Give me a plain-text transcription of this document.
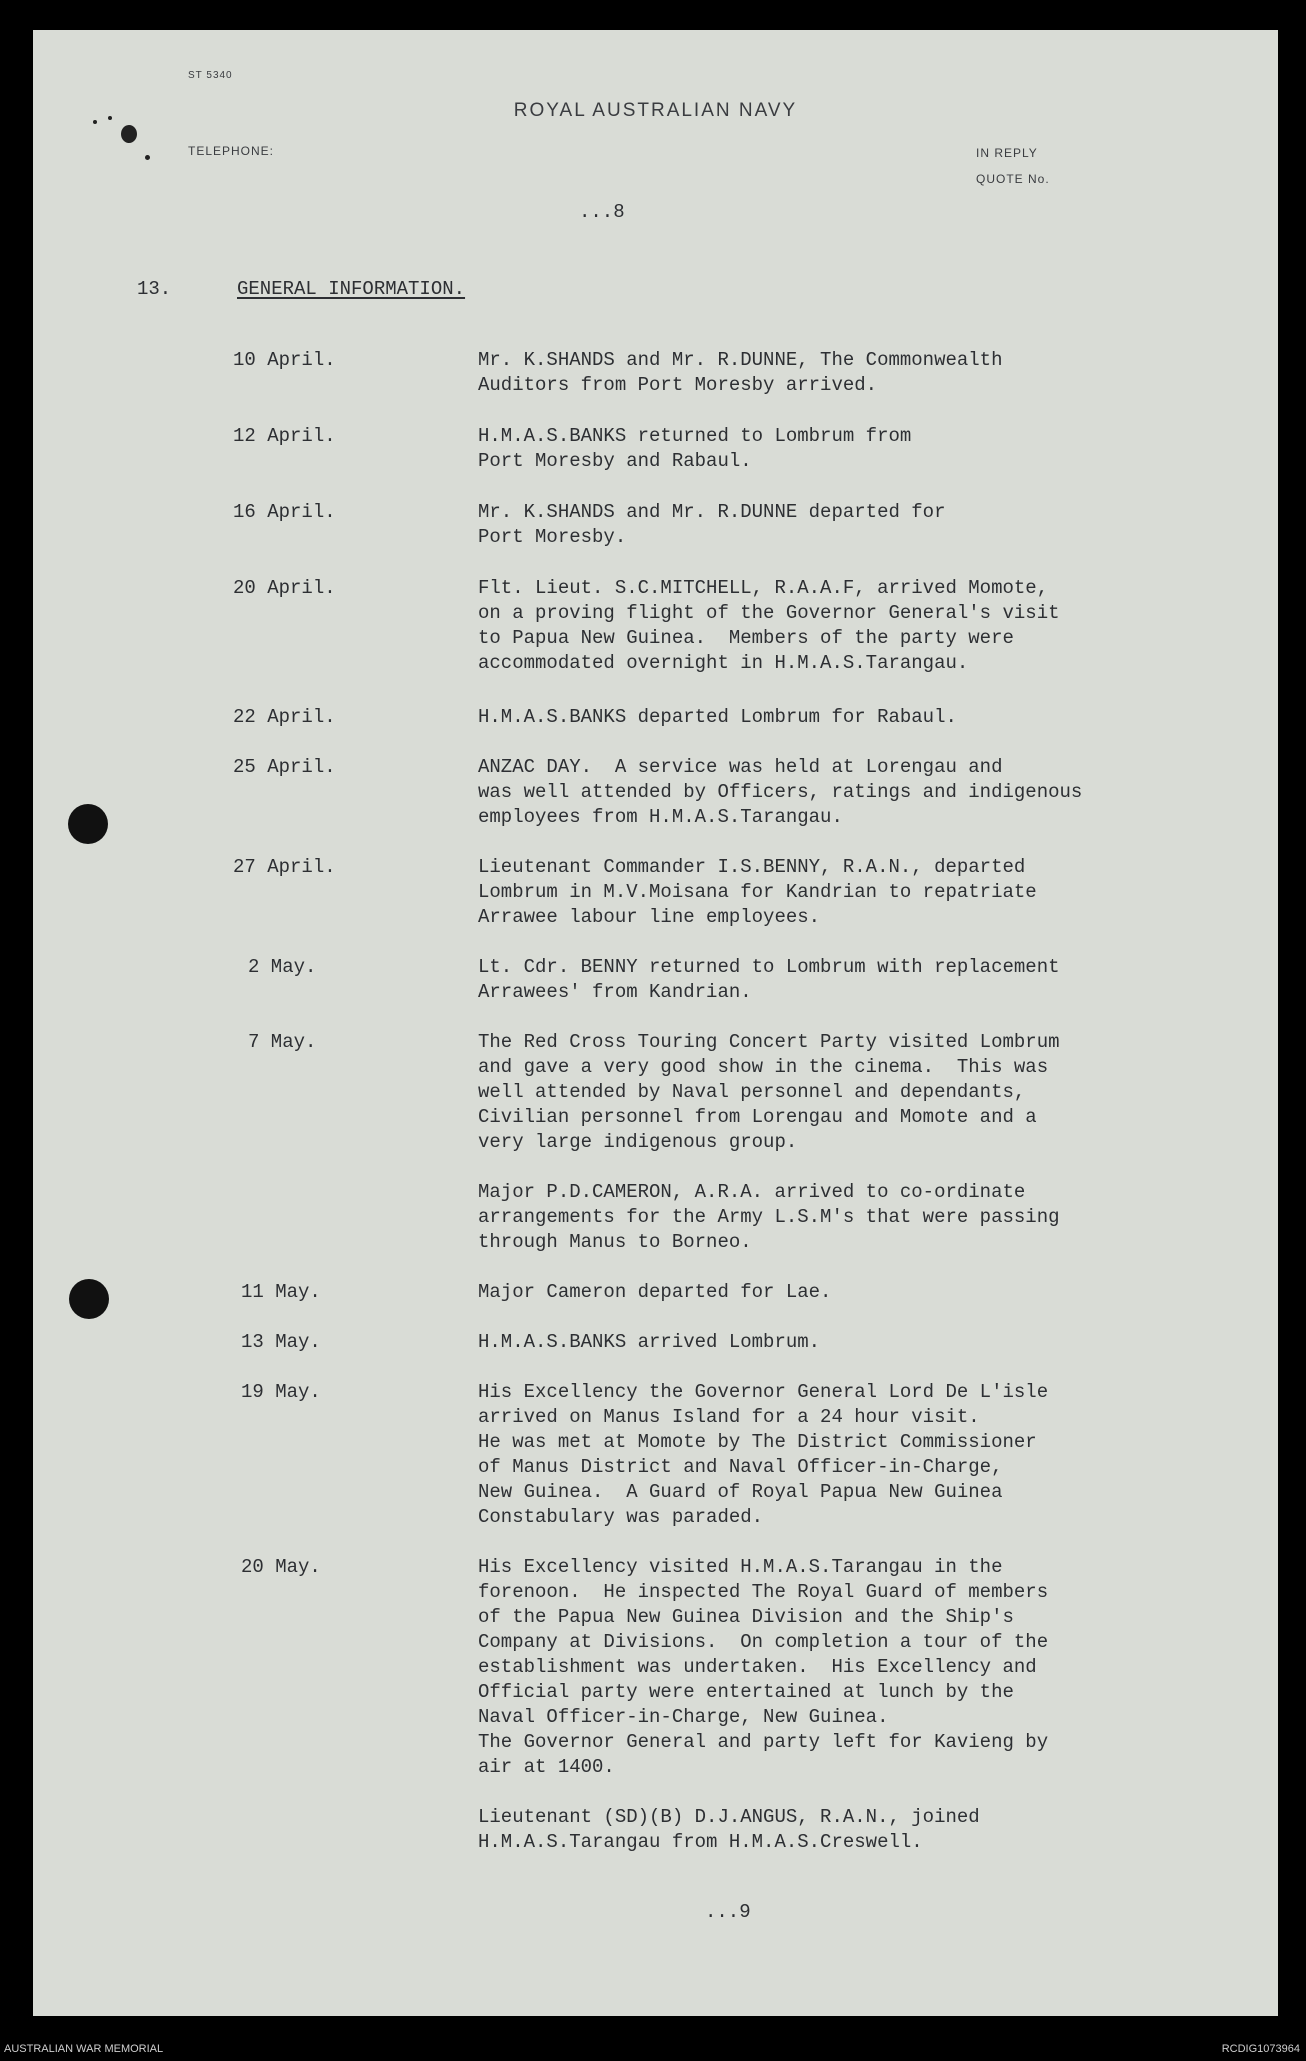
ST 5340
ROYAL AUSTRALIAN NAVY
TELEPHONE:	IN REPLY
QUOTE No.
...8
13.	GENERAL INFORMATION.
10 April.	Mr. K.SHANDS and Mr. R.DUNNE, The Commonwealth
Auditors from Port Moresby arrived.
12 April.	H.M.A.S.BANKS returned to Lombrum from
Port Moresby and Rabaul.
16 April.	Mr. K.SHANDS and Mr. R.DUNNE departed for
Port Moresby.
20 April.	Flt. Lieut. S.C.MITCHELL, R.A.A.F, arrived Momote,
on a proving flight of the Governor General's visit
to Papua New Guinea.  Members of the party were
accommodated overnight in H.M.A.S.Tarangau.
22 April.	H.M.A.S.BANKS departed Lombrum for Rabaul.
25 April.	ANZAC DAY.  A service was held at Lorengau and
was well attended by Officers, ratings and indigenous
employees from H.M.A.S.Tarangau.
27 April.	Lieutenant Commander I.S.BENNY, R.A.N., departed
Lombrum in M.V.Moisana for Kandrian to repatriate
Arrawee labour line employees.
2 May.	Lt. Cdr. BENNY returned to Lombrum with replacement
Arrawees' from Kandrian.
7 May.	The Red Cross Touring Concert Party visited Lombrum
and gave a very good show in the cinema.  This was
well attended by Naval personnel and dependants,
Civilian personnel from Lorengau and Momote and a
very large indigenous group.
Major P.D.CAMERON, A.R.A. arrived to co-ordinate
arrangements for the Army L.S.M's that were passing
through Manus to Borneo.
11 May.	Major Cameron departed for Lae.
13 May.	H.M.A.S.BANKS arrived Lombrum.
19 May.	His Excellency the Governor General Lord De L'isle
arrived on Manus Island for a 24 hour visit.
He was met at Momote by The District Commissioner
of Manus District and Naval Officer-in-Charge,
New Guinea.  A Guard of Royal Papua New Guinea
Constabulary was paraded.
20 May.	His Excellency visited H.M.A.S.Tarangau in the
forenoon.  He inspected The Royal Guard of members
of the Papua New Guinea Division and the Ship's
Company at Divisions.  On completion a tour of the
establishment was undertaken.  His Excellency and
Official party were entertained at lunch by the
Naval Officer-in-Charge, New Guinea.
The Governor General and party left for Kavieng by
air at 1400.
Lieutenant (SD)(B) D.J.ANGUS, R.A.N., joined
H.M.A.S.Tarangau from H.M.A.S.Creswell.
...9
AUSTRALIAN WAR MEMORIAL	RCDIG1073964
